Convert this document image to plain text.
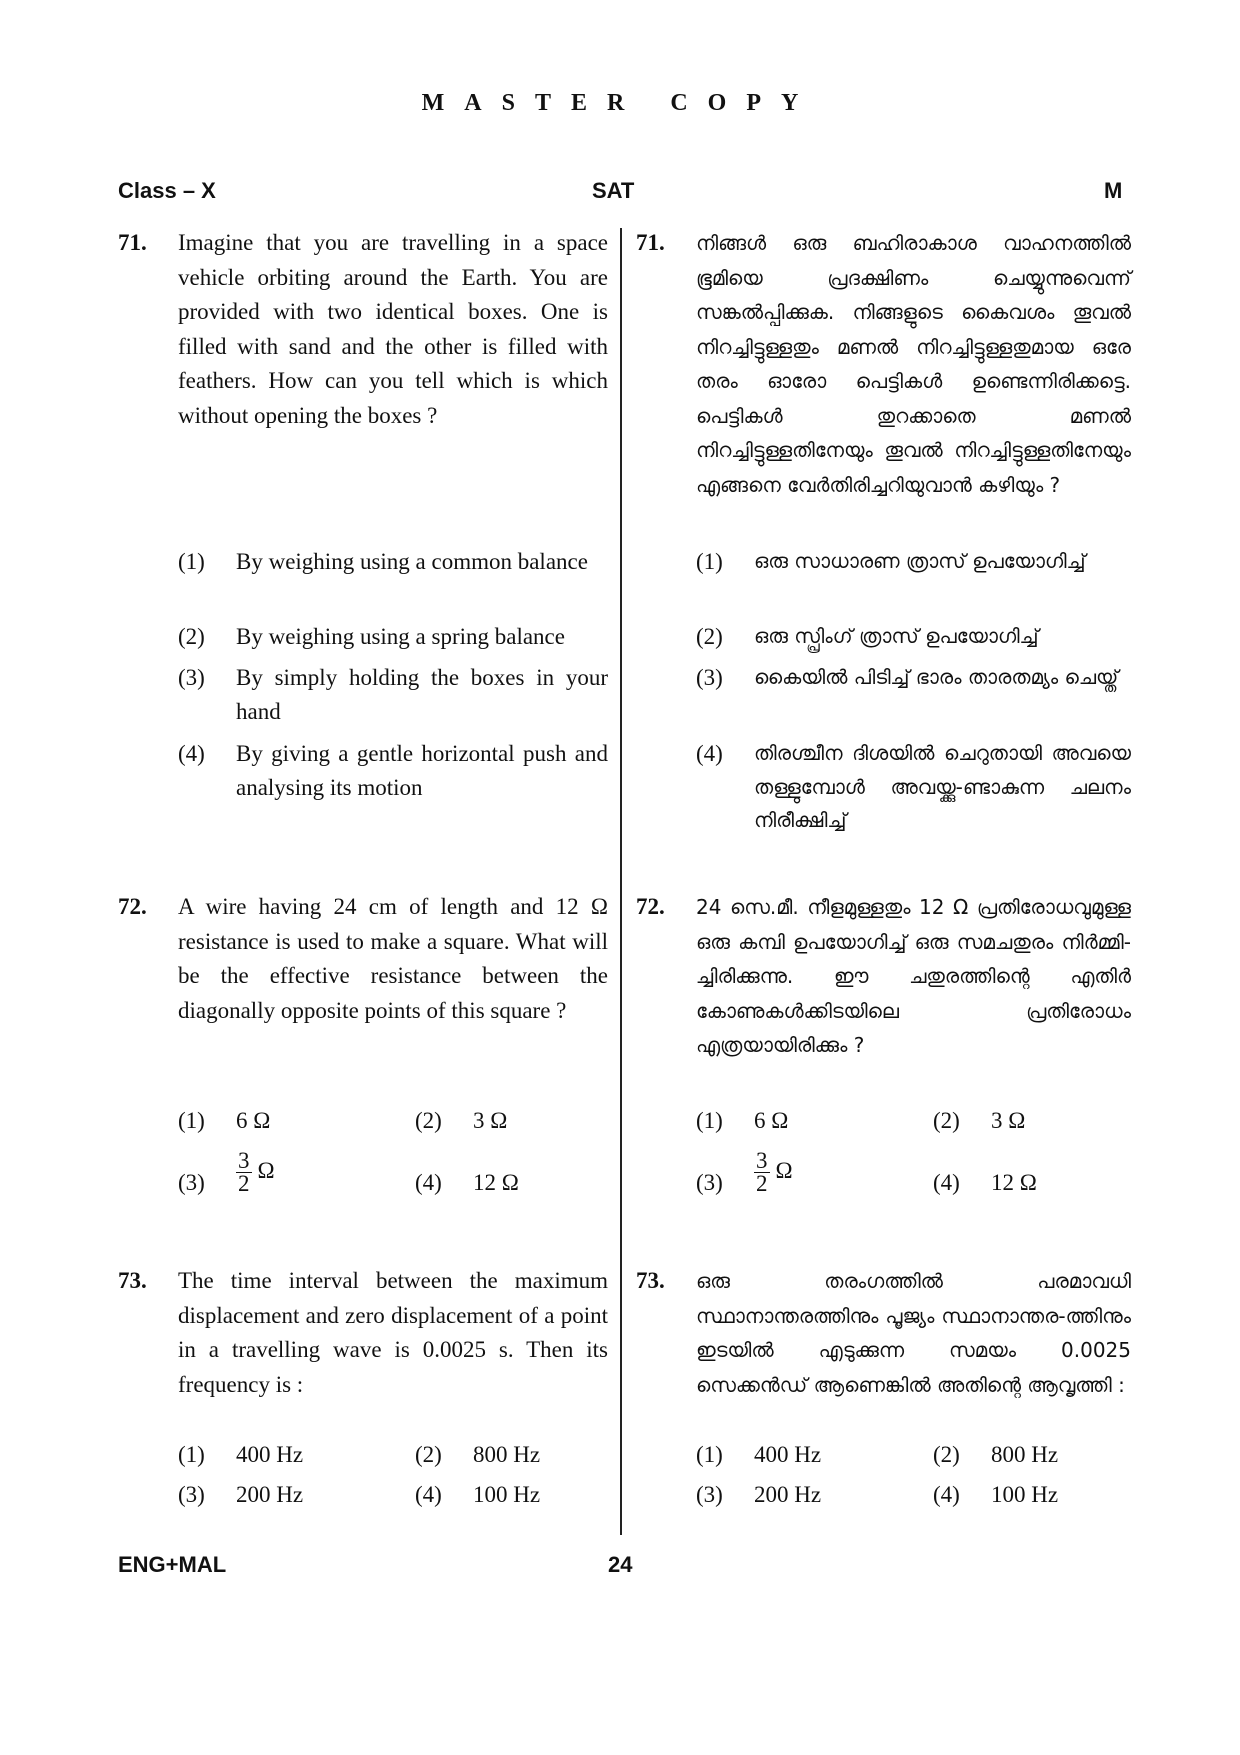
MASTER COPY
Class – X	SAT	M
71. Imagine that you are travelling in a space vehicle orbiting around the Earth. You are provided with two identical boxes. One is filled with sand and the other is filled with feathers. How can you tell which is which without opening the boxes ?
(1) By weighing using a common balance
(2) By weighing using a spring balance
(3) By simply holding the boxes in your hand
(4) By giving a gentle horizontal push and analysing its motion
72. A wire having 24 cm of length and 12 Ω resistance is used to make a square. What will be the effective resistance between the diagonally opposite points of this square ?
(1) 6 Ω	(2) 3 Ω
$(3) \frac{3}{2}$ Ω	(4) 12 Ω
73. The time interval between the maximum displacement and zero displacement of a point in a travelling wave is 0.0025 s. Then its frequency is :
(1) 400 Hz	(2) 800 Hz
(3) 200 Hz	(4) 100 Hz
71. നിങ്ങൾ ഒരു ബഹിരാകാശ വാഹനത്തിൽ ഭൂമിയെ പ്രദക്ഷിണം ചെയ്യുന്നുവെന്ന് സങ്കൽപ്പിക്കുക. നിങ്ങളുടെ കൈവശം തൂവൽ നിറച്ചിട്ടുള്ളതും മണൽ നിറച്ചിട്ടുള്ളതുമായ ഒരേ തരം ഓരോ പെട്ടികൾ ഉണ്ടെന്നിരിക്കട്ടെ. പെട്ടികൾ തുറക്കാതെ മണൽ നിറച്ചിട്ടുള്ളതിനേയും തൂവൽ നിറച്ചിട്ടുള്ളതിനേയും എങ്ങനെ വേർതിരിച്ചറിയുവാൻ കഴിയും ?
(1) ഒരു സാധാരണ ത്രാസ് ഉപയോഗിച്ച്
(2) ഒരു സ്പ്രിംഗ് ത്രാസ് ഉപയോഗിച്ച്
(3) കൈയിൽ പിടിച്ച് ഭാരം താരതമ്യം ചെയ്ത്
(4) തിരശ്ചീന ദിശയിൽ ചെറുതായി അവയെ തള്ളുമ്പോൾ അവയ്ക്കു-ണ്ടാകുന്ന ചലനം നിരീക്ഷിച്ച്
72. 24 സെ.മീ. നീളമുള്ളതും 12 Ω പ്രതിരോധവുമുള്ള ഒരു കമ്പി ഉപയോഗിച്ച് ഒരു സമചതുരം നിർമ്മി-ച്ചിരിക്കുന്നു. ഈ ചതുരത്തിന്റെ എതിർ കോണുകൾക്കിടയിലെ പ്രതിരോധം എത്രയായിരിക്കും ?
(1) 6 Ω	(2) 3 Ω
$(3) \frac{3}{2}$ Ω	(4) 12 Ω
73. ഒരു തരംഗത്തിൽ പരമാവധി സ്ഥാനാന്തരത്തിനും പൂജ്യം സ്ഥാനാന്തര-ത്തിനും ഇടയിൽ എടുക്കുന്ന സമയം 0.0025 സെക്കൻഡ് ആണെങ്കിൽ അതിന്റെ ആവൃത്തി :
(1) 400 Hz	(2) 800 Hz
(3) 200 Hz	(4) 100 Hz
ENG+MAL	24
